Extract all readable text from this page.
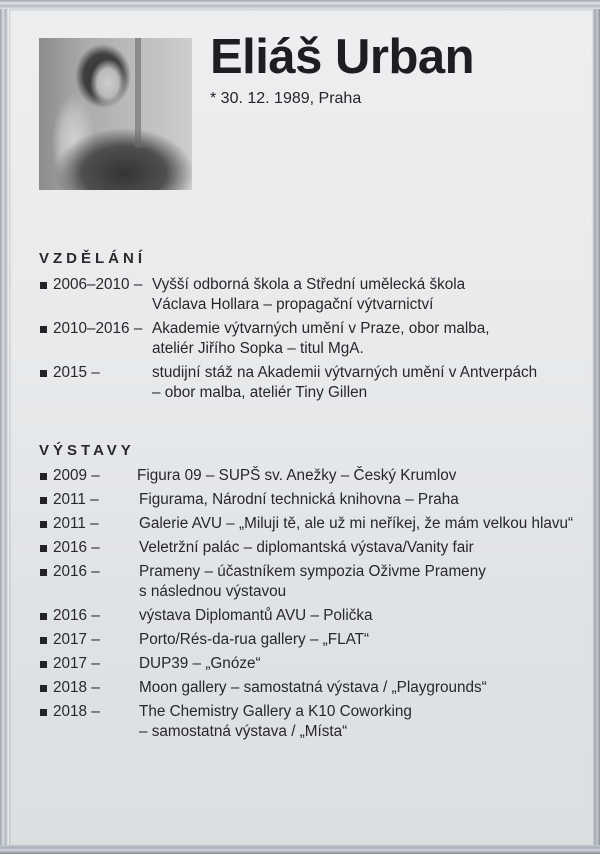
Eliáš Urban
* 30. 12. 1989, Praha
VZDĚLÁNÍ
2006–2010 – Vyšší odborná škola a Střední umělecká škola
Václava Hollara – propagační výtvarnictví
2010–2016 – Akademie výtvarných umění v Praze, obor malba,
ateliér Jiřího Sopka – titul MgA.
2015 –	studijní stáž na Akademii výtvarných umění v Antverpách
– obor malba, ateliér Tiny Gillen
VÝSTAVY
2009 – Figura 09 – SUPŠ sv. Anežky – Český Krumlov
2011 –	Figurama, Národní technická knihovna – Praha
2011 –	Galerie AVU – „Miluji tě, ale už mi neříkej, že mám velkou hlavu“
2016 –	Veletržní palác – diplomantská výstava/Vanity fair
2016 –	Prameny – účastníkem sympozia Oživme Prameny
s následnou výstavou
2016 –	výstava Diplomantů AVU – Polička
2017 –	Porto/Rés-da-rua gallery – „FLAT“
2017 –	DUP39 – „Gnóze“
2018 –	Moon gallery – samostatná výstava / „Playgrounds“
2018 –	The Chemistry Gallery a K10 Coworking
– samostatná výstava / „Místa“
